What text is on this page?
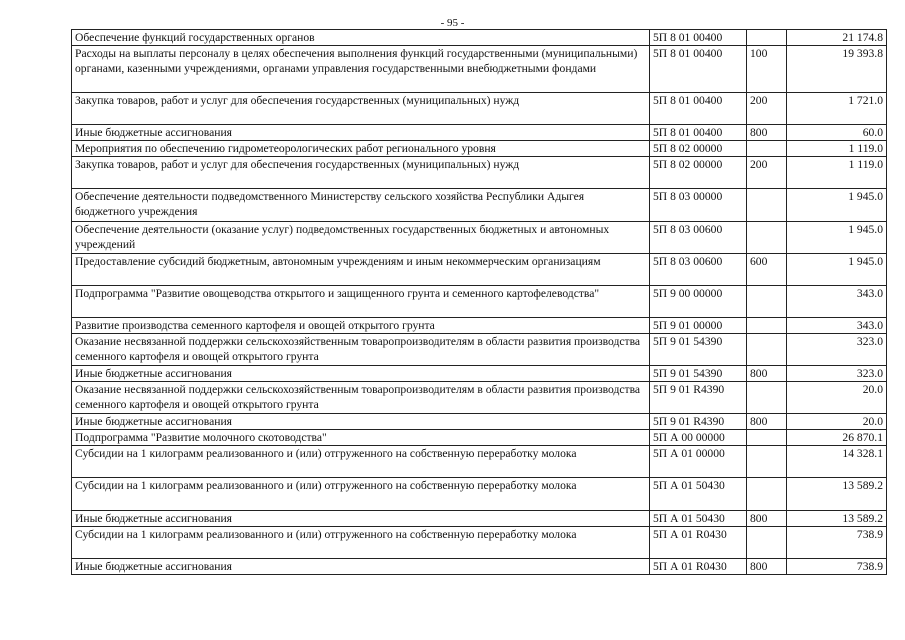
- 95 -
Обеспечение функций государственных органов	5П 8 01 00400		21 174.8
Расходы на выплаты персоналу в целях обеспечения выполнения функций государственными (муниципальными) органами, казенными учреждениями, органами управления государственными внебюджетными фондами	5П 8 01 00400	100	19 393.8
Закупка товаров, работ и услуг для обеспечения государственных (муниципальных) нужд	5П 8 01 00400	200	1 721.0
Иные бюджетные ассигнования	5П 8 01 00400	800	60.0
Мероприятия по обеспечению гидрометеорологических работ регионального уровня	5П 8 02 00000		1 119.0
Закупка товаров, работ и услуг для обеспечения государственных (муниципальных) нужд	5П 8 02 00000	200	1 119.0
Обеспечение деятельности подведомственного Министерству сельского хозяйства Республики Адыгея бюджетного учреждения	5П 8 03 00000		1 945.0
Обеспечение деятельности (оказание услуг) подведомственных государственных бюджетных и автономных учреждений	5П 8 03 00600		1 945.0
Предоставление субсидий бюджетным, автономным учреждениям и иным некоммерческим организациям	5П 8 03 00600	600	1 945.0
Подпрограмма "Развитие овощеводства открытого и защищенного грунта и семенного картофелеводства"	5П 9 00 00000		343.0
Развитие производства семенного картофеля и овощей открытого грунта	5П 9 01 00000		343.0
Оказание несвязанной поддержки сельскохозяйственным товаропроизводителям в области развития производства семенного картофеля и овощей открытого грунта	5П 9 01 54390		323.0
Иные бюджетные ассигнования	5П 9 01 54390	800	323.0
Оказание несвязанной поддержки сельскохозяйственным товаропроизводителям в области развития производства семенного картофеля и овощей открытого грунта	5П 9 01 R4390		20.0
Иные бюджетные ассигнования	5П 9 01 R4390	800	20.0
Подпрограмма "Развитие молочного скотоводства"	5П А 00 00000		26 870.1
Субсидии на 1 килограмм реализованного и (или) отгруженного на собственную переработку молока	5П А 01 00000		14 328.1
Субсидии на 1 килограмм реализованного и (или) отгруженного на собственную переработку молока	5П А 01 50430		13 589.2
Иные бюджетные ассигнования	5П А 01 50430	800	13 589.2
Субсидии на 1 килограмм реализованного и (или) отгруженного на собственную переработку молока	5П А 01 R0430		738.9
Иные бюджетные ассигнования	5П А 01 R0430	800	738.9
